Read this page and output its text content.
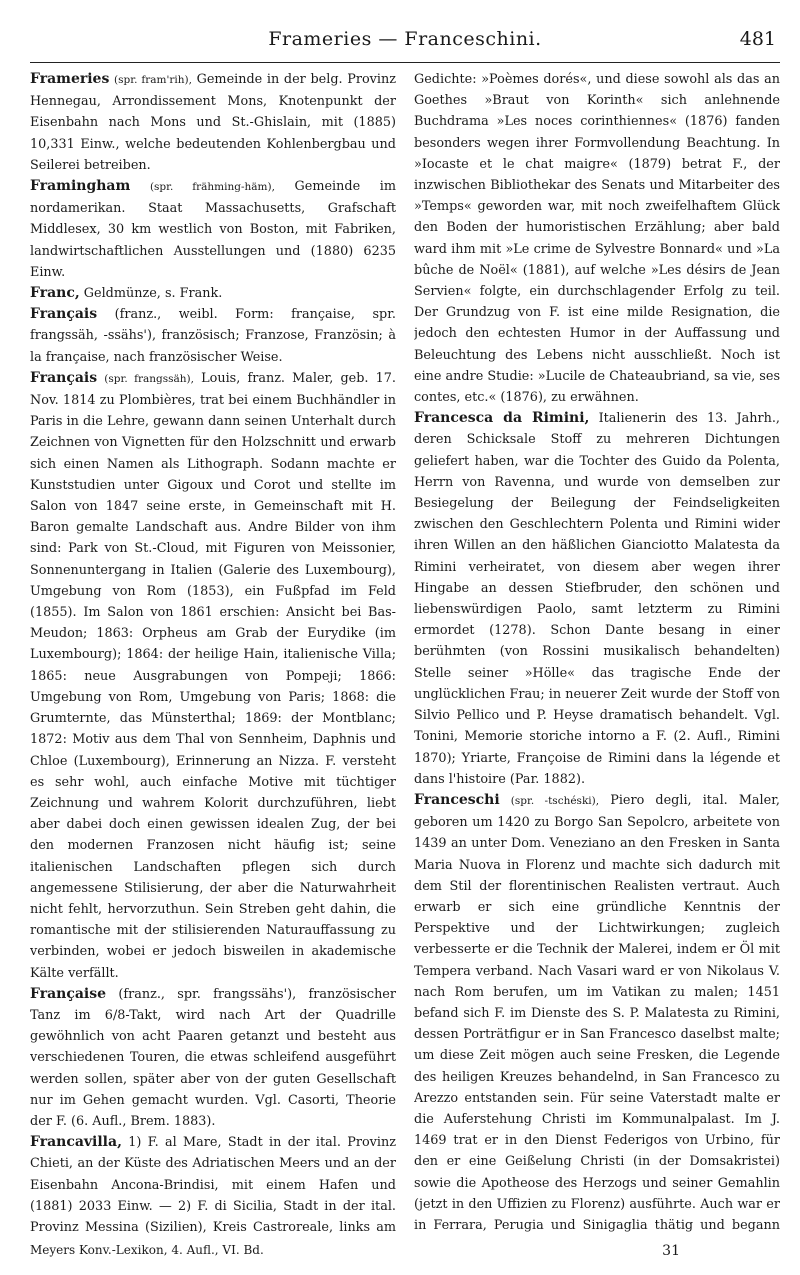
Frameries — Franceschini.	481

Frameries (spr. fram'rih), Gemeinde in der belg. Provinz Hennegau, Arrondissement Mons, Knotenpunkt der Eisenbahn nach Mons und St.-Ghislain, mit (1885) 10,331 Einw., welche bedeutenden Kohlenbergbau und Seilerei betreiben.

Framingham (spr. frähming-häm), Gemeinde im nordamerikan. Staat Massachusetts, Grafschaft Middlesex, 30 km westlich von Boston, mit Fabriken, landwirtschaftlichen Ausstellungen und (1880) 6235 Einw.

Franc, Geldmünze, s. Frank.

Français (franz., weibl. Form: française, spr. frangssäh, -ssähs'), französisch; Franzose, Französin; à la française, nach französischer Weise.

Français (spr. frangssäh), Louis, franz. Maler, geb. 17. Nov. 1814 zu Plombières, trat bei einem Buchhändler in Paris in die Lehre, gewann dann seinen Unterhalt durch Zeichnen von Vignetten für den Holzschnitt und erwarb sich einen Namen als Lithograph. Sodann machte er Kunststudien unter Gigoux und Corot und stellte im Salon von 1847 seine erste, in Gemeinschaft mit H. Baron gemalte Landschaft aus. Andre Bilder von ihm sind: Park von St.-Cloud, mit Figuren von Meissonier, Sonnenuntergang in Italien (Galerie des Luxembourg), Umgebung von Rom (1853), ein Fußpfad im Feld (1855). Im Salon von 1861 erschien: Ansicht bei Bas-Meudon; 1863: Orpheus am Grab der Eurydike (im Luxembourg); 1864: der heilige Hain, italienische Villa; 1865: neue Ausgrabungen von Pompeji; 1866: Umgebung von Rom, Umgebung von Paris; 1868: die Grumternte, das Münsterthal; 1869: der Montblanc; 1872: Motiv aus dem Thal von Sennheim, Daphnis und Chloe (Luxembourg), Erinnerung an Nizza. F. versteht es sehr wohl, auch einfache Motive mit tüchtiger Zeichnung und wahrem Kolorit durchzuführen, liebt aber dabei doch einen gewissen idealen Zug, der bei den modernen Franzosen nicht häufig ist; seine italienischen Landschaften pflegen sich durch angemessene Stilisierung, der aber die Naturwahrheit nicht fehlt, hervorzuthun. Sein Streben geht dahin, die romantische mit der stilisierenden Naturauffassung zu verbinden, wobei er jedoch bisweilen in akademische Kälte verfällt.

Française (franz., spr. frangssähs'), französischer Tanz im 6/8-Takt, wird nach Art der Quadrille gewöhnlich von acht Paaren getanzt und besteht aus verschiedenen Touren, die etwas schleifend ausgeführt werden sollen, später aber von der guten Gesellschaft nur im Gehen gemacht wurden. Vgl. Casorti, Theorie der F. (6. Aufl., Brem. 1883).

Francavilla, 1) F. al Mare, Stadt in der ital. Provinz Chieti, an der Küste des Adriatischen Meers und an der Eisenbahn Ancona-Brindisi, mit einem Hafen und (1881) 2033 Einw. — 2) F. di Sicilia, Stadt in der ital. Provinz Messina (Sizilien), Kreis Castroreale, links am

Gedichte: »Poèmes dorés«, und diese sowohl als das an Goethes »Braut von Korinth« sich anlehnende Buchdrama »Les noces corinthiennes« (1876) fanden besonders wegen ihrer Formvollendung Beachtung. In »Iocaste et le chat maigre« (1879) betrat F., der inzwischen Bibliothekar des Senats und Mitarbeiter des »Temps« geworden war, mit noch zweifelhaftem Glück den Boden der humoristischen Erzählung; aber bald ward ihm mit »Le crime de Sylvestre Bonnard« und »La bûche de Noël« (1881), auf welche »Les désirs de Jean Servien« folgte, ein durchschlagender Erfolg zu teil. Der Grundzug von F. ist eine milde Resignation, die jedoch den echtesten Humor in der Auffassung und Beleuchtung des Lebens nicht ausschließt. Noch ist eine andre Studie: »Lucile de Chateaubriand, sa vie, ses contes, etc.« (1876), zu erwähnen.

Francesca da Rimini, Italienerin des 13. Jahrh., deren Schicksale Stoff zu mehreren Dichtungen geliefert haben, war die Tochter des Guido da Polenta, Herrn von Ravenna, und wurde von demselben zur Besiegelung der Beilegung der Feindseligkeiten zwischen den Geschlechtern Polenta und Rimini wider ihren Willen an den häßlichen Gianciotto Malatesta da Rimini verheiratet, von diesem aber wegen ihrer Hingabe an dessen Stiefbruder, den schönen und liebenswürdigen Paolo, samt letzterm zu Rimini ermordet (1278). Schon Dante besang in einer berühmten (von Rossini musikalisch behandelten) Stelle seiner »Hölle« das tragische Ende der unglücklichen Frau; in neuerer Zeit wurde der Stoff von Silvio Pellico und P. Heyse dramatisch behandelt. Vgl. Tonini, Memorie storiche intorno a F. (2. Aufl., Rimini 1870); Yriarte, Françoise de Rimini dans la légende et dans l'histoire (Par. 1882).

Franceschi (spr. -tschéski), Piero degli, ital. Maler, geboren um 1420 zu Borgo San Sepolcro, arbeitete von 1439 an unter Dom. Veneziano an den Fresken in Santa Maria Nuova in Florenz und machte sich dadurch mit dem Stil der florentinischen Realisten vertraut. Auch erwarb er sich eine gründliche Kenntnis der Perspektive und der Lichtwirkungen; zugleich verbesserte er die Technik der Malerei, indem er Öl mit Tempera verband. Nach Vasari ward er von Nikolaus V. nach Rom berufen, um im Vatikan zu malen; 1451 befand sich F. im Dienste des S. P. Malatesta zu Rimini, dessen Porträtfigur er in San Francesco daselbst malte; um diese Zeit mögen auch seine Fresken, die Legende des heiligen Kreuzes behandelnd, in San Francesco zu Arezzo entstanden sein. Für seine Vaterstadt malte er die Auferstehung Christi im Kommunalpalast. Im J. 1469 trat er in den Dienst Federigos von Urbino, für den er eine Geißelung Christi (in der Domsakristei) sowie die Apotheose des Herzogs und seiner Gemahlin (jetzt in den Uffizien zu Florenz) ausführte. Auch war er in Ferrara, Perugia und Sinigaglia thätig und begann

Meyers Konv.-Lexikon, 4. Aufl., VI. Bd.	31
